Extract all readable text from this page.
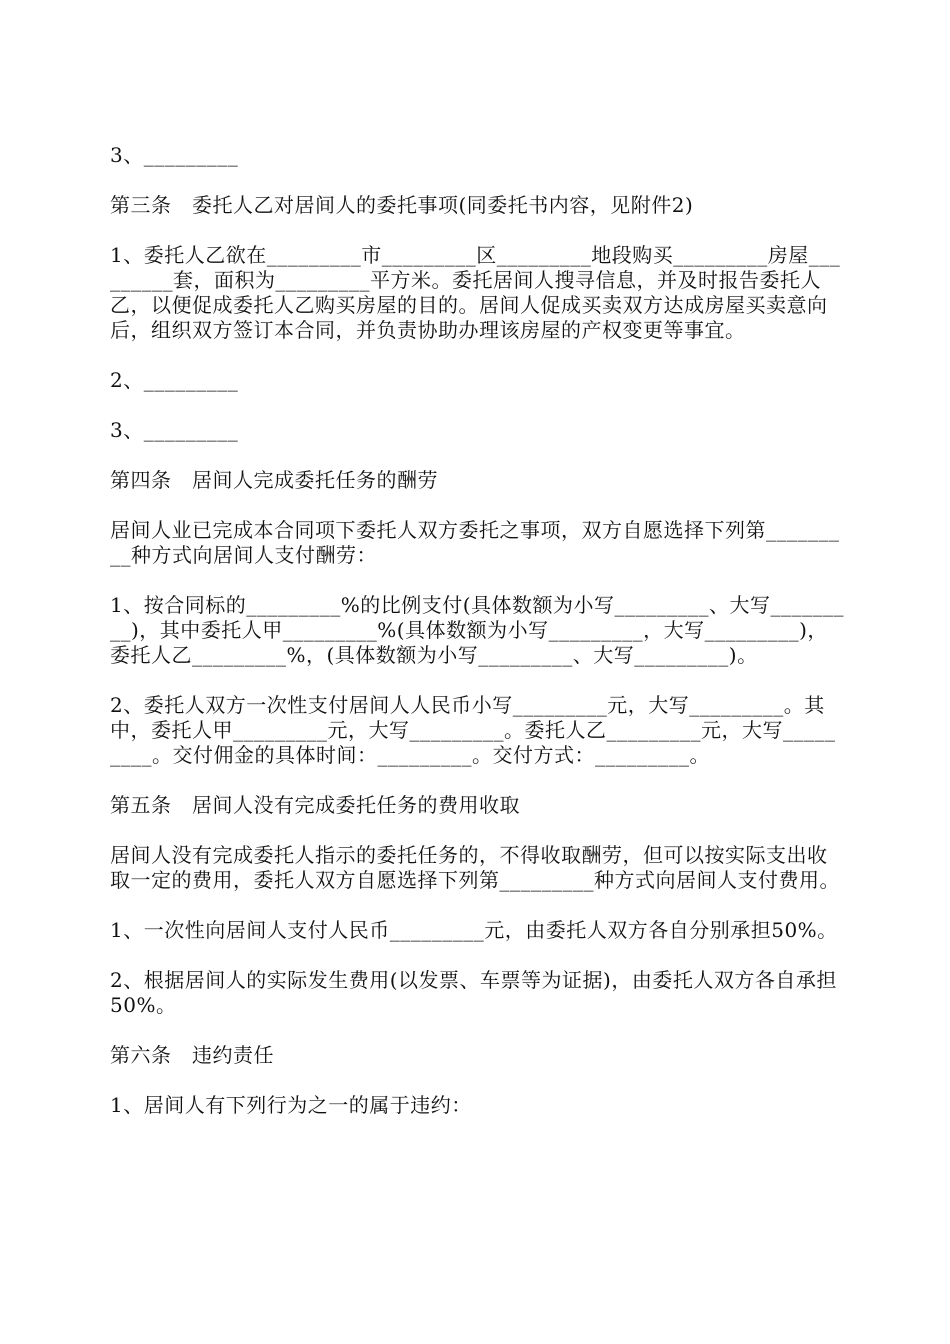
3、_________

第三条　委托人乙对居间人的委托事项(同委托书内容，见附件2)

1、委托人乙欲在_________市_________区_________地段购买_________房屋_________套，面积为_________平方米。委托居间人搜寻信息，并及时报告委托人乙，以便促成委托人乙购买房屋的目的。居间人促成买卖双方达成房屋买卖意向后，组织双方签订本合同，并负责协助办理该房屋的产权变更等事宜。

2、_________

3、_________

第四条　居间人完成委托任务的酬劳

居间人业已完成本合同项下委托人双方委托之事项，双方自愿选择下列第_________种方式向居间人支付酬劳：

1、按合同标的_________%的比例支付(具体数额为小写_________、大写_________)，其中委托人甲_________%(具体数额为小写_________，大写_________)，委托人乙_________%，(具体数额为小写_________、大写_________)。

2、委托人双方一次性支付居间人人民币小写_________元，大写_________。其中，委托人甲_________元，大写_________。委托人乙_________元，大写_________。交付佣金的具体时间：_________。交付方式：_________。

第五条　居间人没有完成委托任务的费用收取

居间人没有完成委托人指示的委托任务的，不得收取酬劳，但可以按实际支出收取一定的费用，委托人双方自愿选择下列第_________种方式向居间人支付费用。

1、一次性向居间人支付人民币_________元，由委托人双方各自分别承担50%。

2、根据居间人的实际发生费用(以发票、车票等为证据)，由委托人双方各自承担50%。

第六条　违约责任

1、居间人有下列行为之一的属于违约：
